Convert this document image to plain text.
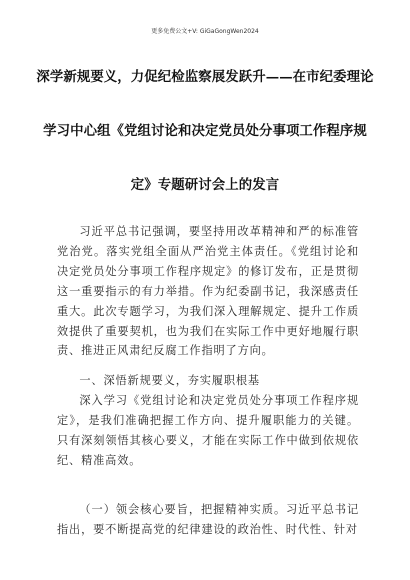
更多免费公文+V: GiGaGongWen2024
深学新规要义，力促纪检监察展发跃升——在市纪委理论
学习中心组《党组讨论和决定党员处分事项工作程序规
定》专题研讨会上的发言

习近平总书记强调，要坚持用改革精神和严的标准管党治党。落实党组全面从严治党主体责任。《党组讨论和决定党员处分事项工作程序规定》的修订发布，正是贯彻这一重要指示的有力举措。作为纪委副书记，我深感责任重大。此次专题学习，为我们深入理解规定、提升工作质效提供了重要契机，也为我们在实际工作中更好地履行职责、推进正风肃纪反腐工作指明了方向。

一、深悟新规要义，夯实履职根基

深入学习《党组讨论和决定党员处分事项工作程序规定》，是我们准确把握工作方向、提升履职能力的关键。只有深刻领悟其核心要义，才能在实际工作中做到依规依纪、精准高效。

（一）领会核心要旨，把握精神实质。习近平总书记指出，要不断提高党的纪律建设的政治性、时代性、针对
